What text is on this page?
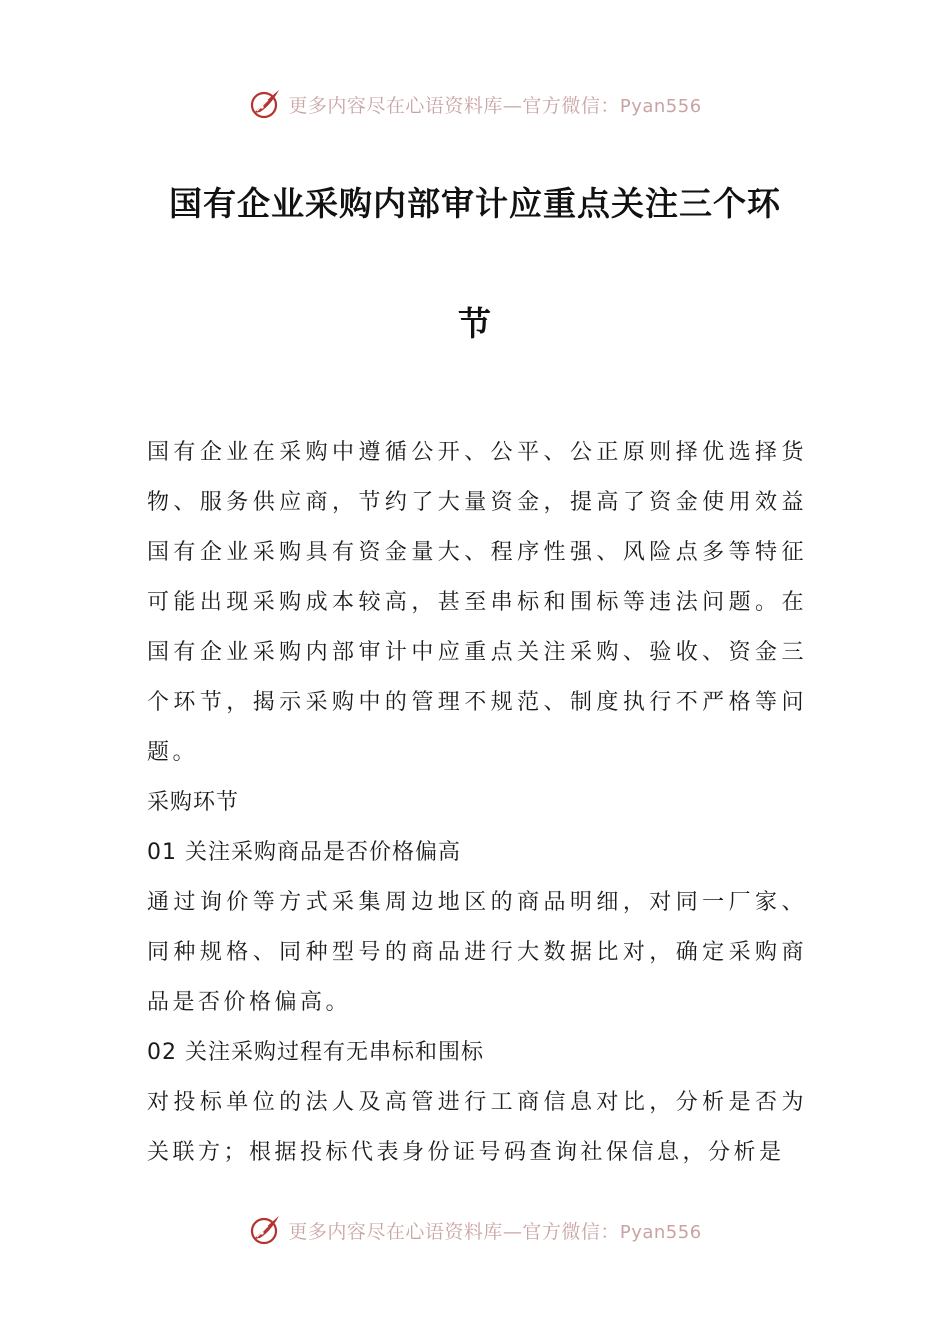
更多内容尽在心语资料库—官方微信：Pyan556
国有企业采购内部审计应重点关注三个环
节

国有企业在采购中遵循公开、公平、公正原则择优选择货物、服务供应商，节约了大量资金，提高了资金使用效益国有企业采购具有资金量大、程序性强、风险点多等特征可能出现采购成本较高，甚至串标和围标等违法问题。在国有企业采购内部审计中应重点关注采购、验收、资金三个环节，揭示采购中的管理不规范、制度执行不严格等问题。

采购环节

01 关注采购商品是否价格偏高

通过询价等方式采集周边地区的商品明细，对同一厂家、同种规格、同种型号的商品进行大数据比对，确定采购商品是否价格偏高。

02 关注采购过程有无串标和围标

对投标单位的法人及高管进行工商信息对比，分析是否为关联方；根据投标代表身份证号码查询社保信息，分析是

更多内容尽在心语资料库—官方微信：Pyan556
